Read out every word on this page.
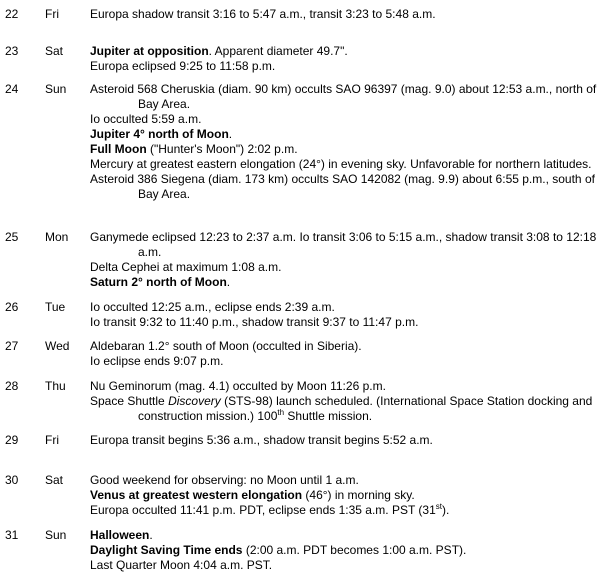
22 Fri	Europa shadow transit 3:16 to 5:47 a.m., transit 3:23 to 5:48 a.m.
23 Sat Jupiter at opposition. Apparent diameter 49.7".
Europa eclipsed 9:25 to 11:58 p.m.
24 Sun Asteroid 568 Cheruskia (diam. 90 km) occults SAO 96397 (mag. 9.0) about 12:53 a.m., north of Bay Area.
Io occulted 5:59 a.m.
Jupiter 4° north of Moon.
Full Moon ("Hunter's Moon") 2:02 p.m.
Mercury at greatest eastern elongation (24°) in evening sky. Unfavorable for northern latitudes.
Asteroid 386 Siegena (diam. 173 km) occults SAO 142082 (mag. 9.9) about 6:55 p.m., south of Bay Area.
25 Mon Ganymede eclipsed 12:23 to 2:37 a.m. Io transit 3:06 to 5:15 a.m., shadow transit 3:08 to 12:18 a.m.
Delta Cephei at maximum 1:08 a.m.
Saturn 2° north of Moon.
26 Tue Io occulted 12:25 a.m., eclipse ends 2:39 a.m.
Io transit 9:32 to 11:40 p.m., shadow transit 9:37 to 11:47 p.m.
27 Wed Aldebaran 1.2° south of Moon (occulted in Siberia).
Io eclipse ends 9:07 p.m.
28 Thu Nu Geminorum (mag. 4.1) occulted by Moon 11:26 p.m.
Space Shuttle Discovery (STS-98) launch scheduled. (International Space Station docking and construction mission.) 100th Shuttle mission.
29 Fri	Europa transit begins 5:36 a.m., shadow transit begins 5:52 a.m.
30 Sat Good weekend for observing: no Moon until 1 a.m.
Venus at greatest western elongation (46°) in morning sky.
Europa occulted 11:41 p.m. PDT, eclipse ends 1:35 a.m. PST (31st).
31 Sun Halloween.
Daylight Saving Time ends (2:00 a.m. PDT becomes 1:00 a.m. PST).
Last Quarter Moon 4:04 a.m. PST.
